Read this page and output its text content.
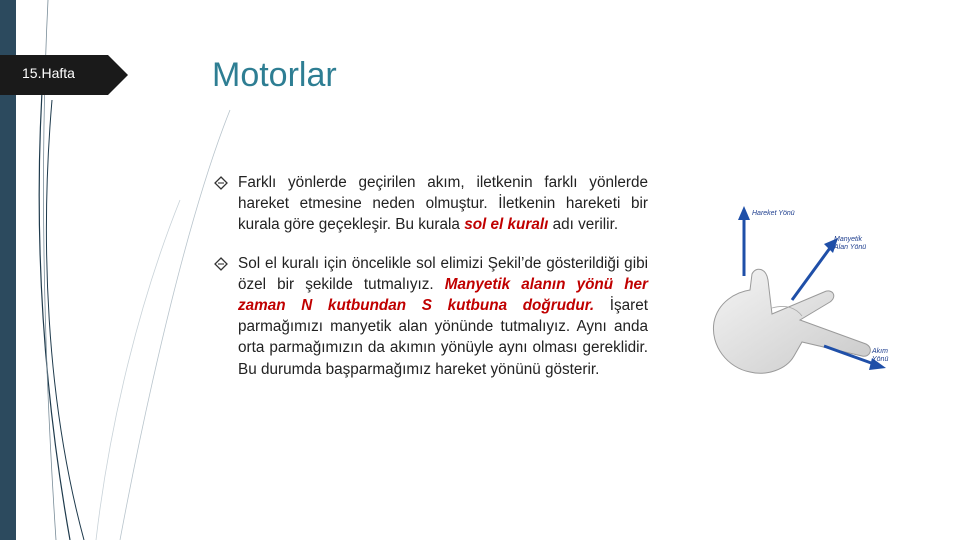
15.Hafta	Motorlar
Farklı yönlerde geçirilen akım, iletkenin farklı yönlerde hareket etmesine neden olmuştur. İletkenin hareketi bir kurala göre geçekleşir. Bu kurala sol el kuralı adı verilir.
Sol el kuralı için öncelikle sol elimizi Şekil’de gösterildiği gibi özel bir şekilde tutmalıyız. Manyetik alanın yönü her zaman N kutbundan S kutbuna doğrudur. İşaret parmağımızı manyetik alan yönünde tutmalıyız. Aynı anda orta parmağımızın da akımın yönüyle aynı olması gereklidir. Bu durumda başparmağımız hareket yönünü gösterir.
Hareket Yönü
Manyetik
Alan Yönü
Akım
Yönü
